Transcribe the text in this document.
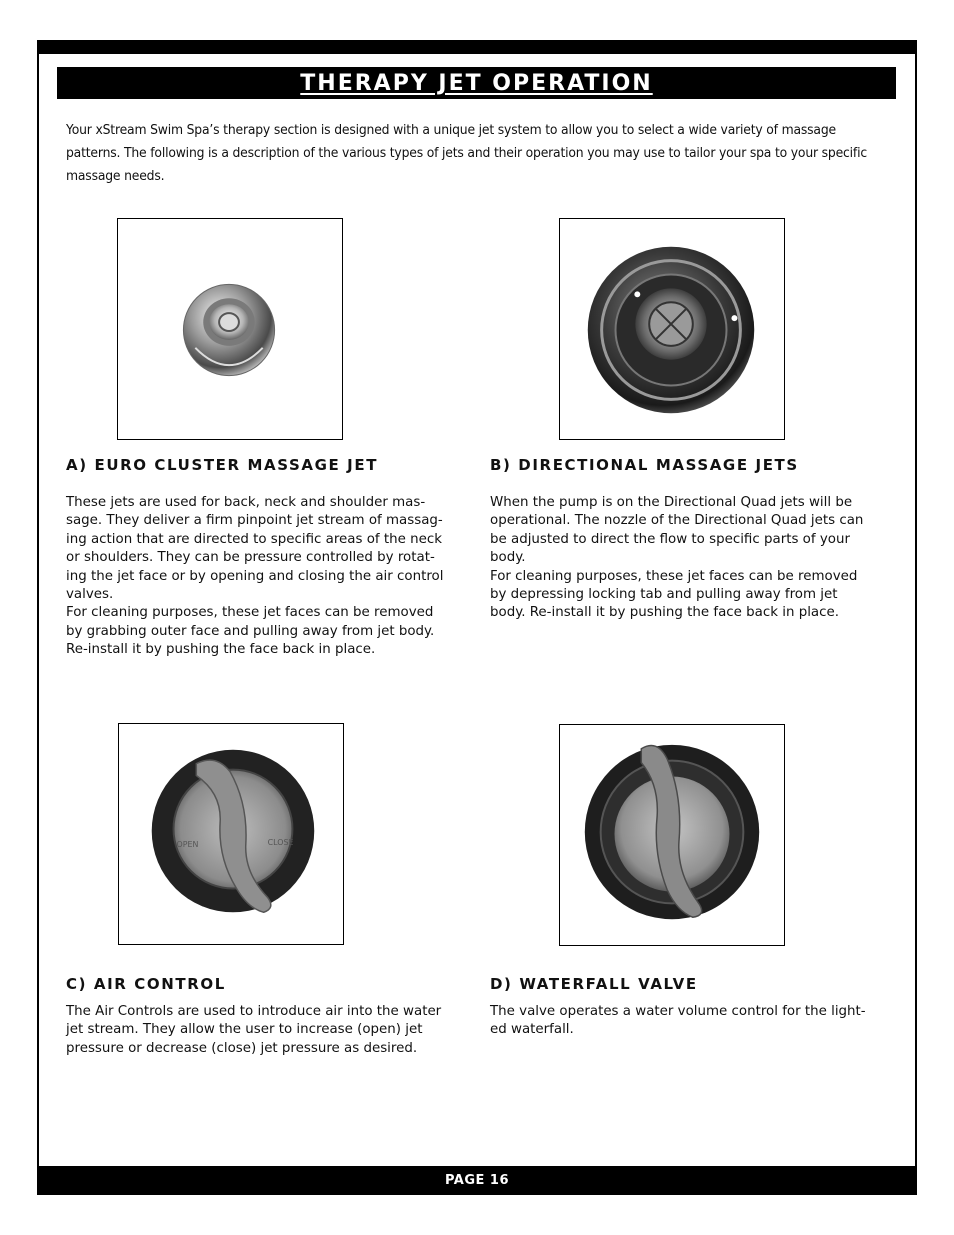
THERAPY JET OPERATION

Your xStream Swim Spa’s therapy section is designed with a unique jet system to allow you to select a wide variety of massage patterns. The following is a description of the various types of jets and their operation you may use to tailor your spa to your specific massage needs.

A) EURO CLUSTER MASSAGE JET	B) DIRECTIONAL MASSAGE JETS

These jets are used for back, neck and shoulder mas-
sage. They deliver a firm pinpoint jet stream of massag-
ing action that are directed to specific areas of the neck
or shoulders. They can be pressure controlled by rotat-
ing the jet face or by opening and closing the air control
valves.
For cleaning purposes, these jet faces can be removed
by grabbing outer face and pulling away from jet body.
Re-install it by pushing the face back in place.

When the pump is on the Directional Quad jets will be
operational. The nozzle of the Directional Quad jets can
be adjusted to direct the flow to specific parts of your
body.
For cleaning purposes, these jet faces can be removed
by depressing locking tab and pulling away from jet
body. Re-install it by pushing the face back in place.

CLOSE
OPEN
C) AIR CONTROL	D) WATERFALL VALVE

The Air Controls are used to introduce air into the water
jet stream. They allow the user to increase (open) jet
pressure or decrease (close) jet pressure as desired.

The valve operates a water volume control for the light-
ed waterfall.

PAGE 16
